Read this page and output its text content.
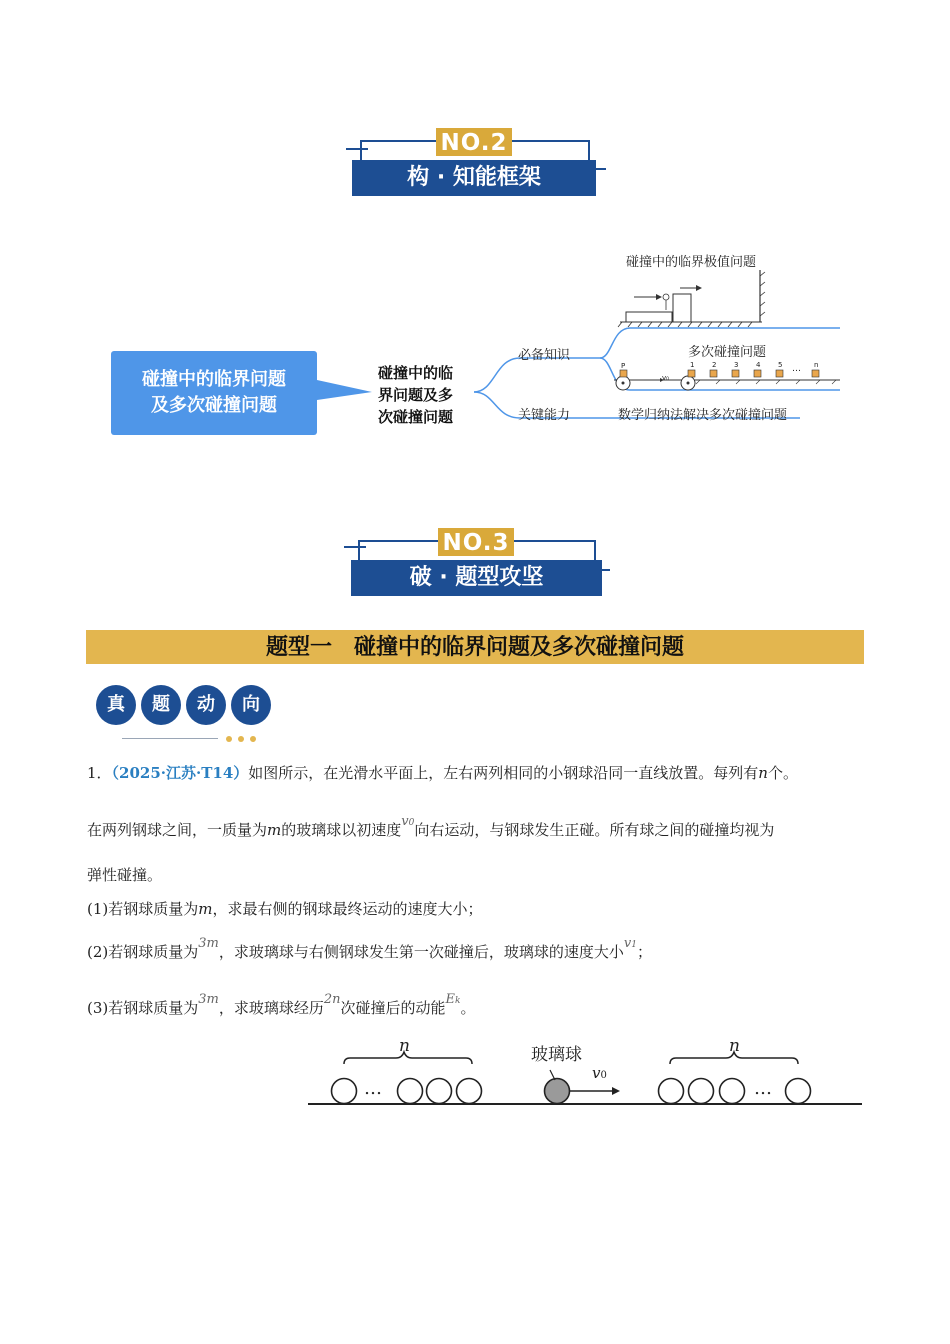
NO.2
构 · 知能框架
碰撞中的临界问题
及多次碰撞问题
碰撞中的临
界问题及多
次碰撞问题
必备知识
关键能力
碰撞中的临界极值问题
多次碰撞问题
数学归纳法解决多次碰撞问题
P
v₀
1	2	3	4	5 … n
NO.3
破 · 题型攻坚
题型一　碰撞中的临界问题及多次碰撞问题
真	题	动	向
1．（2025·江苏·T14）如图所示，在光滑水平面上，左右两列相同的小钢球沿同一直线放置。每列有n个。
在两列钢球之间，一质量为m的玻璃球以初速度v0向右运动，与钢球发生正碰。所有球之间的碰撞均视为
弹性碰撞。
(1)若钢球质量为m，求最右侧的钢球最终运动的速度大小；
(2)若钢球质量为3m，求玻璃球与右侧钢球发生第一次碰撞后，玻璃球的速度大小v1；
(3)若钢球质量为3m，求玻璃球经历2n次碰撞后的动能Ek。
n	n
玻璃球
v0
…	…
